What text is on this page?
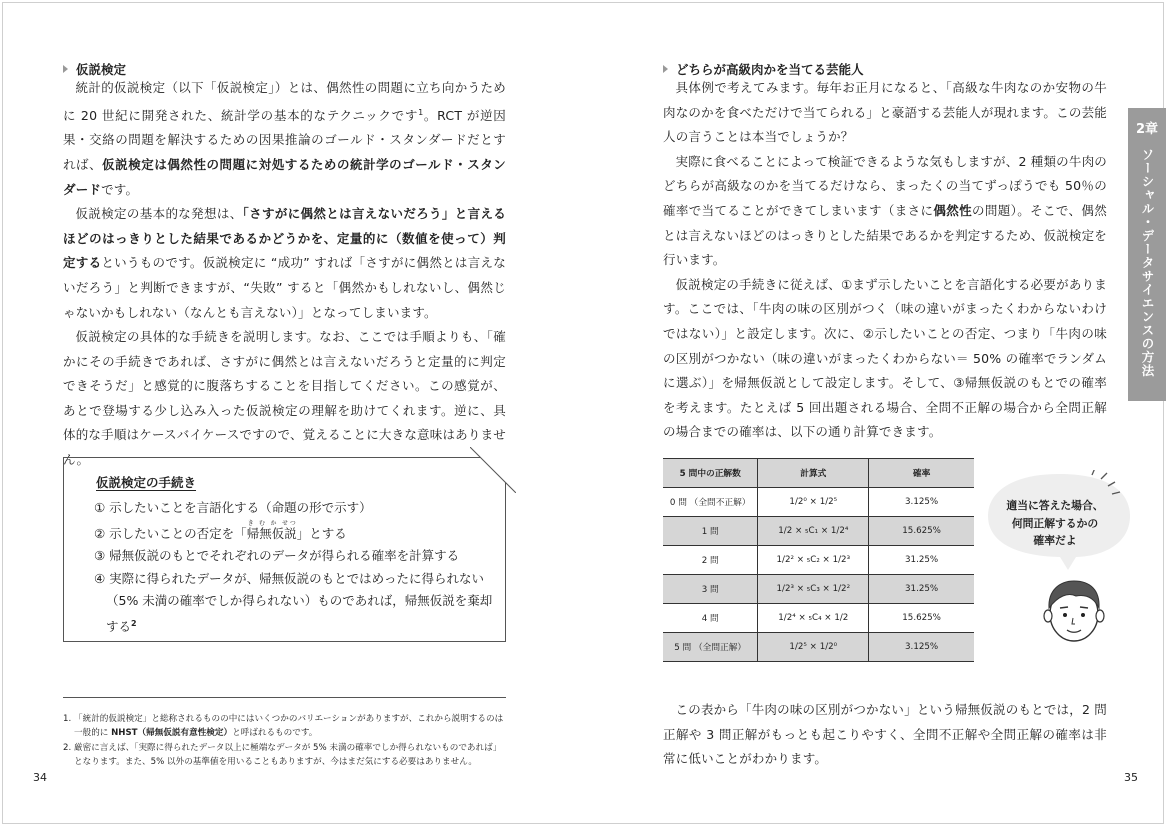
仮説検定

統計的仮説検定（以下「仮説検定」）とは、偶然性の問題に立ち向かうために 20 世紀に開発された、統計学の基本的なテクニックです$^1$。RCT が逆因果・交絡の問題を解決するための因果推論のゴールド・スタンダードだとすれば、仮説検定は偶然性の問題に対処するための統計学のゴールド・スタンダードです。

仮説検定の基本的な発想は、「さすがに偶然とは言えないだろう」と言えるほどのはっきりとした結果であるかどうかを、定量的に（数値を使って）判定するというものです。仮説検定に “成功” すれば「さすがに偶然とは言えないだろう」と判断できますが、“失敗” すると「偶然かもしれないし、偶然じゃないかもしれない（なんとも言えない）」となってしまいます。

仮説検定の具体的な手続きを説明します。なお、ここでは手順よりも、「確かにその手続きであれば、さすがに偶然とは言えないだろうと定量的に判定できそうだ」と感覚的に腹落ちすることを目指してください。この感覚が、あとで登場する少し込み入った仮説検定の理解を助けてくれます。逆に、具体的な手順はケースバイケースですので、覚えることに大きな意味はありません。

仮説検定の手続き
① 示したいことを言語化する（命題の形で示す）
② 示したいことの否定を「帰無仮説き む か せつ」とする
③ 帰無仮説のもとでそれぞれのデータが得られる確率を計算する
④ 実際に得られたデータが、帰無仮説のもとではめったに得られない
（5% 未満の確率でしか得られない）ものであれば，帰無仮説を棄却
する$^2$
1. 「統計的仮説検定」と総称されるものの中にはいくつかのバリエーションがありますが、これから説明するのは一般的に NHST（帰無仮説有意性検定）と呼ばれるものです。
2. 厳密に言えば、「実際に得られたデータ以上に極端なデータが 5% 未満の確率でしか得られないものであれば」となります。また、5% 以外の基準値を用いることもありますが、今はまだ気にする必要はありません。
34
どちらが高級肉かを当てる芸能人

具体例で考えてみます。毎年お正月になると、「高級な牛肉なのか安物の牛肉なのかを食べただけで当てられる」と豪語する芸能人が現れます。この芸能人の言うことは本当でしょうか？

実際に食べることによって検証できるような気もしますが、2 種類の牛肉のどちらが高級なのかを当てるだけなら、まったくの当てずっぽうでも 50％の確率で当てることができてしまいます（まさに偶然性の問題）。そこで、偶然とは言えないほどのはっきりとした結果であるかを判定するため、仮説検定を行います。

仮説検定の手続きに従えば、①まず示したいことを言語化する必要があります。ここでは、「牛肉の味の区別がつく（味の違いがまったくわからないわけではない）」と設定します。次に、②示したいことの否定、つまり「牛肉の味の区別がつかない（味の違いがまったくわからない＝ 50% の確率でランダムに選ぶ）」を帰無仮説として設定します。そして、③帰無仮説のもとでの確率を考えます。たとえば 5 回出題される場合、全問不正解の場合から全問正解の場合までの確率は、以下の通り計算できます。

5 問中の正解数	計算式	確率
0 問 （全問不正解）	1/2⁰ × 1/2⁵	3.125%
1 問	1/2 × ₅C₁ × 1/2⁴	15.625%
2 問	1/2² × ₅C₂ × 1/2³	31.25%
3 問	1/2³ × ₅C₃ × 1/2²	31.25%
4 問	1/2⁴ × ₅C₄ × 1/2	15.625%
5 問 （全問正解）	1/2⁵ × 1/2⁰	3.125%
適当に答えた場合、
何問正解するかの
確率だよ

この表から「牛肉の味の区別がつかない」という帰無仮説のもとでは，2 問正解や 3 問正解がもっとも起こりやすく、全問不正解や全問正解の確率は非常に低いことがわかります。

35
2章
ソーシャル・データサイエンスの方法
